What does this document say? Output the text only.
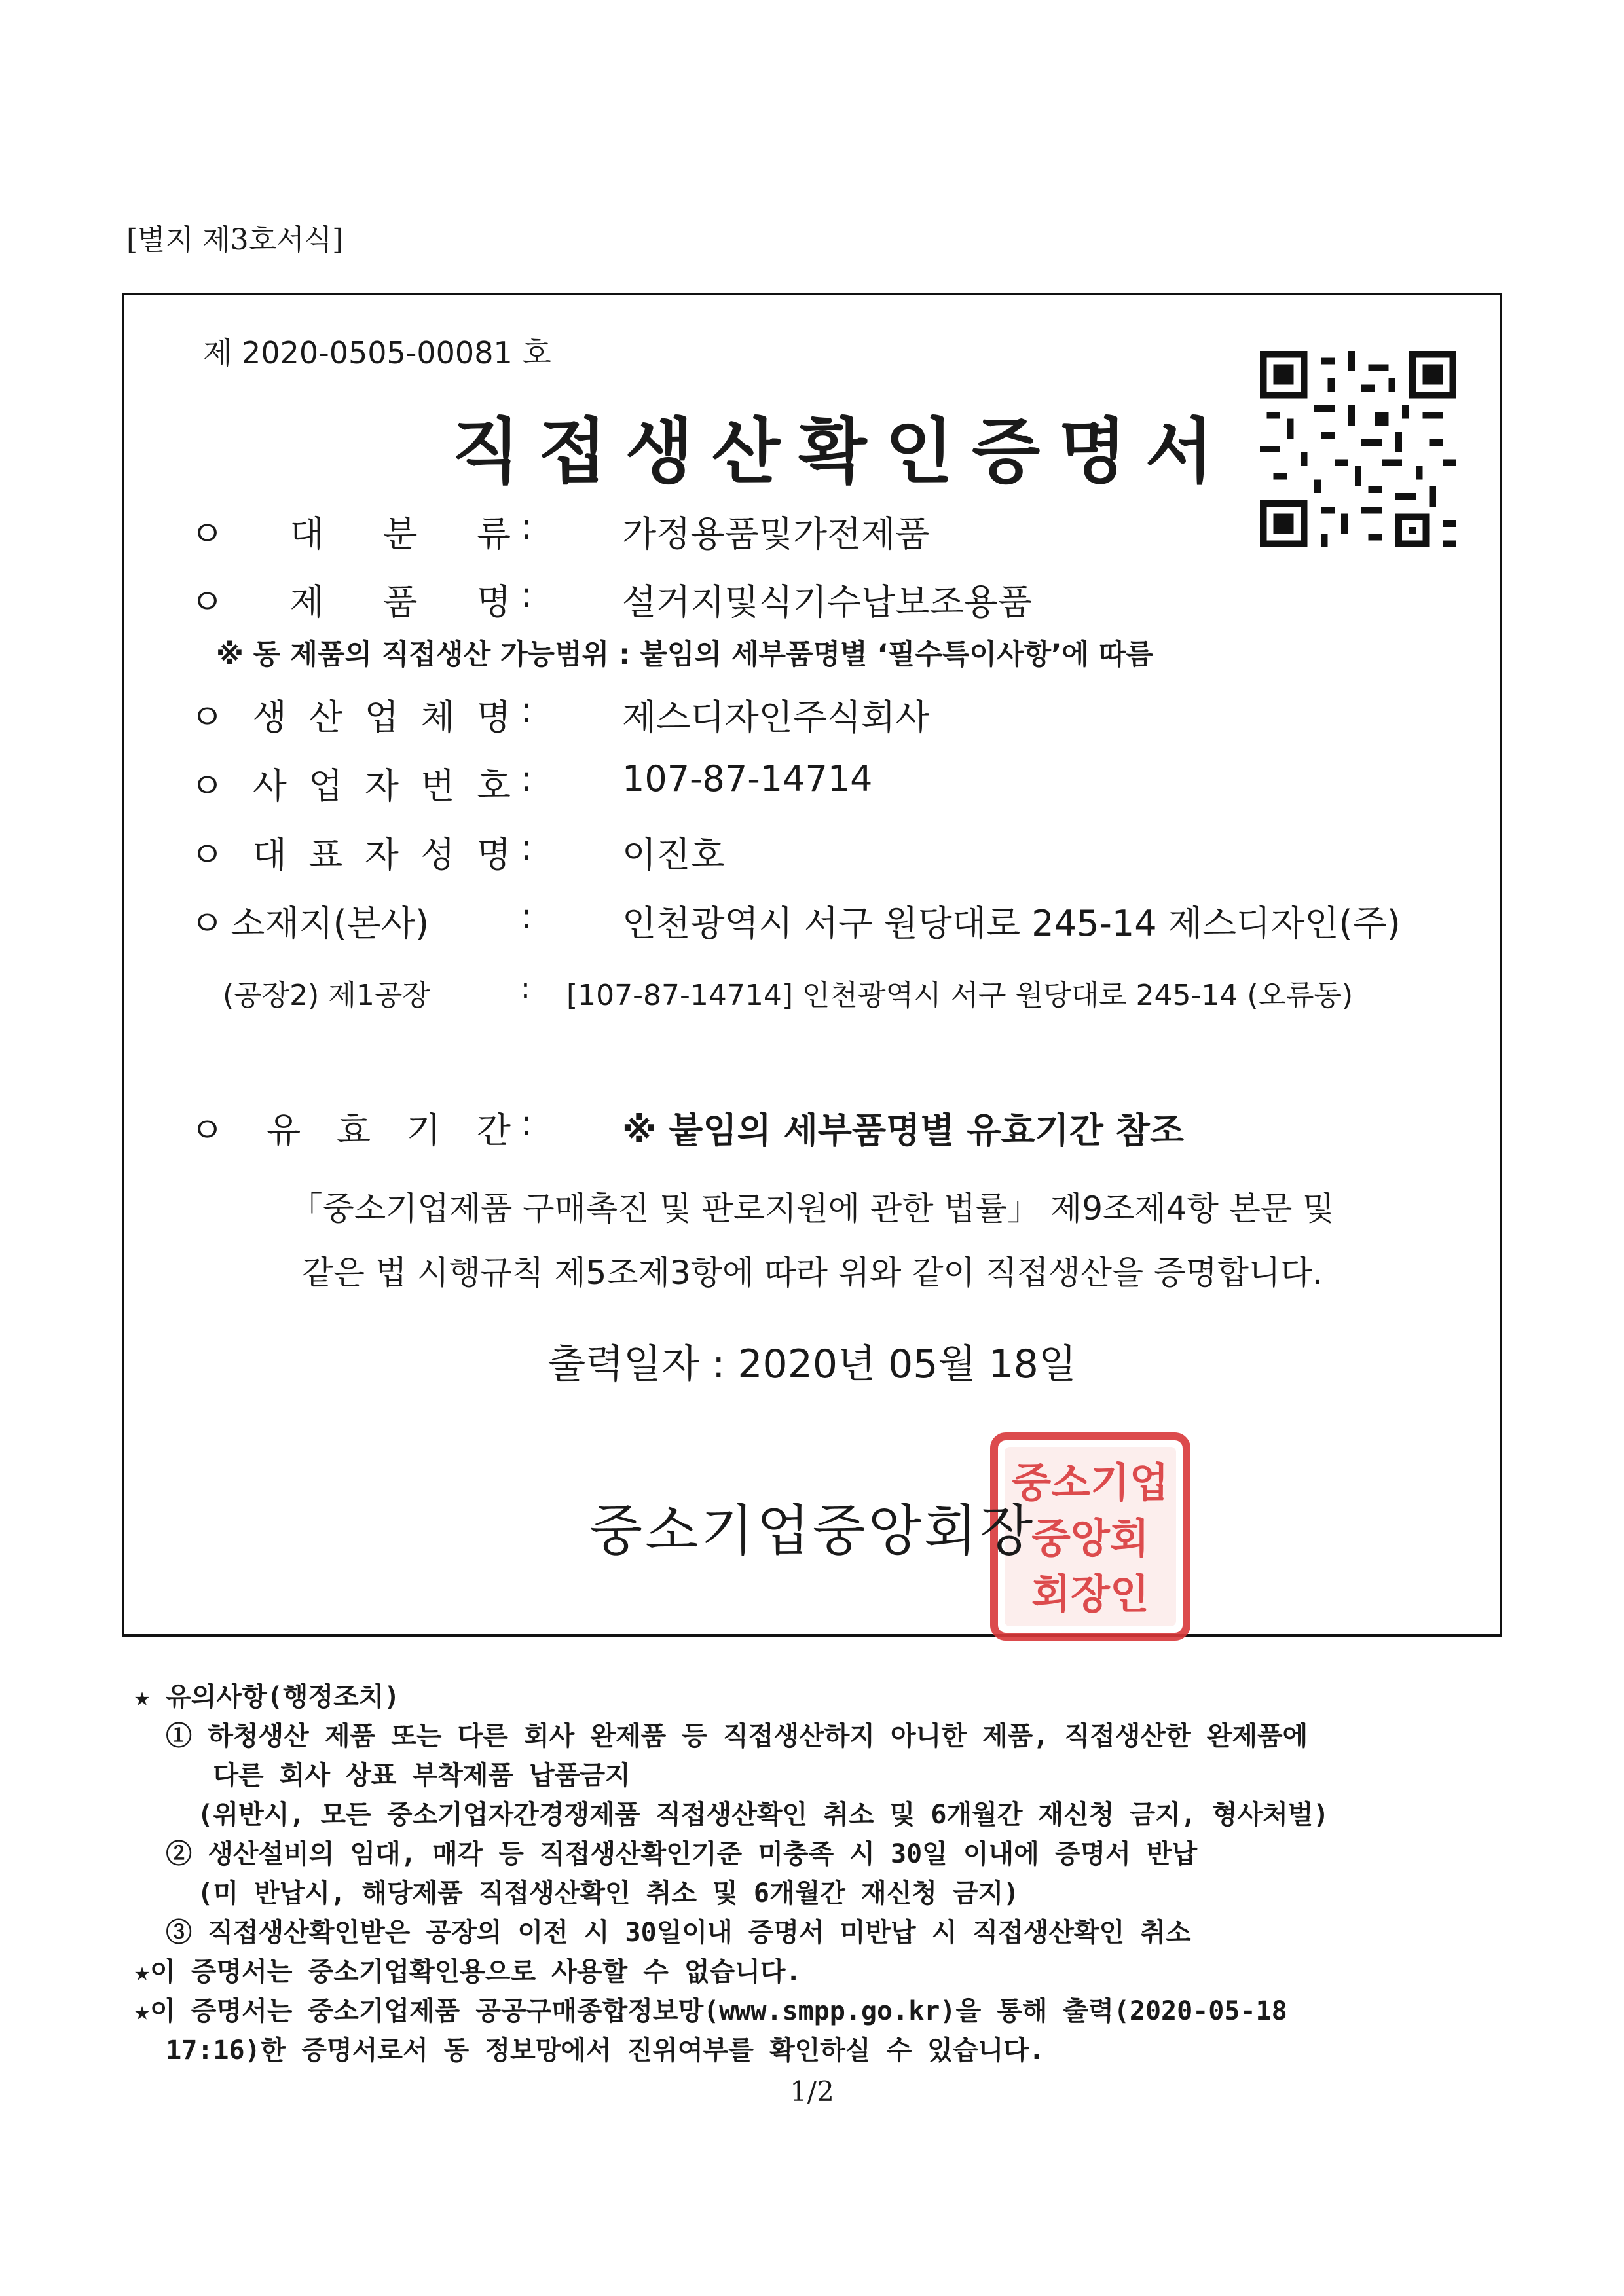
[별지 제3호서식]
제 2020-0505-00081 호
직접생산확인증명서
ㅇ 대 분 류 :	가정용품및가전제품
ㅇ 제 품 명 :	설거지및식기수납보조용품
※ 동 제품의 직접생산 가능범위 : 붙임의 세부품명별 ‘필수특이사항’에 따름
ㅇ 생 산 업 체 명 :	제스디자인주식회사
ㅇ 사 업 자 번 호 :	107-87-14714
ㅇ 대 표 자 성 명 :	이진호
ㅇ 소재지(본사)	:	인천광역시 서구 원당대로 245-14 제스디자인(주)
(공장2) 제1공장	: [107-87-14714] 인천광역시 서구 원당대로 245-14 (오류동)
ㅇ 유 효 기 간 :	※ 붙임의 세부품명별 유효기간 참조
「중소기업제품 구매촉진 및 판로지원에 관한 법률」 제9조제4항 본문 및
같은 법 시행규칙 제5조제3항에 따라 위와 같이 직접생산을 증명합니다.
출력일자 : 2020년 05월 18일
중소기업
중앙회
회장인
중소기업중앙회장
★ 유의사항(행정조치)
① 하청생산 제품 또는 다른 회사 완제품 등 직접생산하지 아니한 제품, 직접생산한 완제품에
다른 회사 상표 부착제품 납품금지
(위반시, 모든 중소기업자간경쟁제품 직접생산확인 취소 및 6개월간 재신청 금지, 형사처벌)
② 생산설비의 임대, 매각 등 직접생산확인기준 미충족 시 30일 이내에 증명서 반납
(미 반납시, 해당제품 직접생산확인 취소 및 6개월간 재신청 금지)
③ 직접생산확인받은 공장의 이전 시 30일이내 증명서 미반납 시 직접생산확인 취소
★이 증명서는 중소기업확인용으로 사용할 수 없습니다.
★이 증명서는 중소기업제품 공공구매종합정보망(www.smpp.go.kr)을 통해 출력(2020-05-18
17:16)한 증명서로서 동 정보망에서 진위여부를 확인하실 수 있습니다.
1/2
